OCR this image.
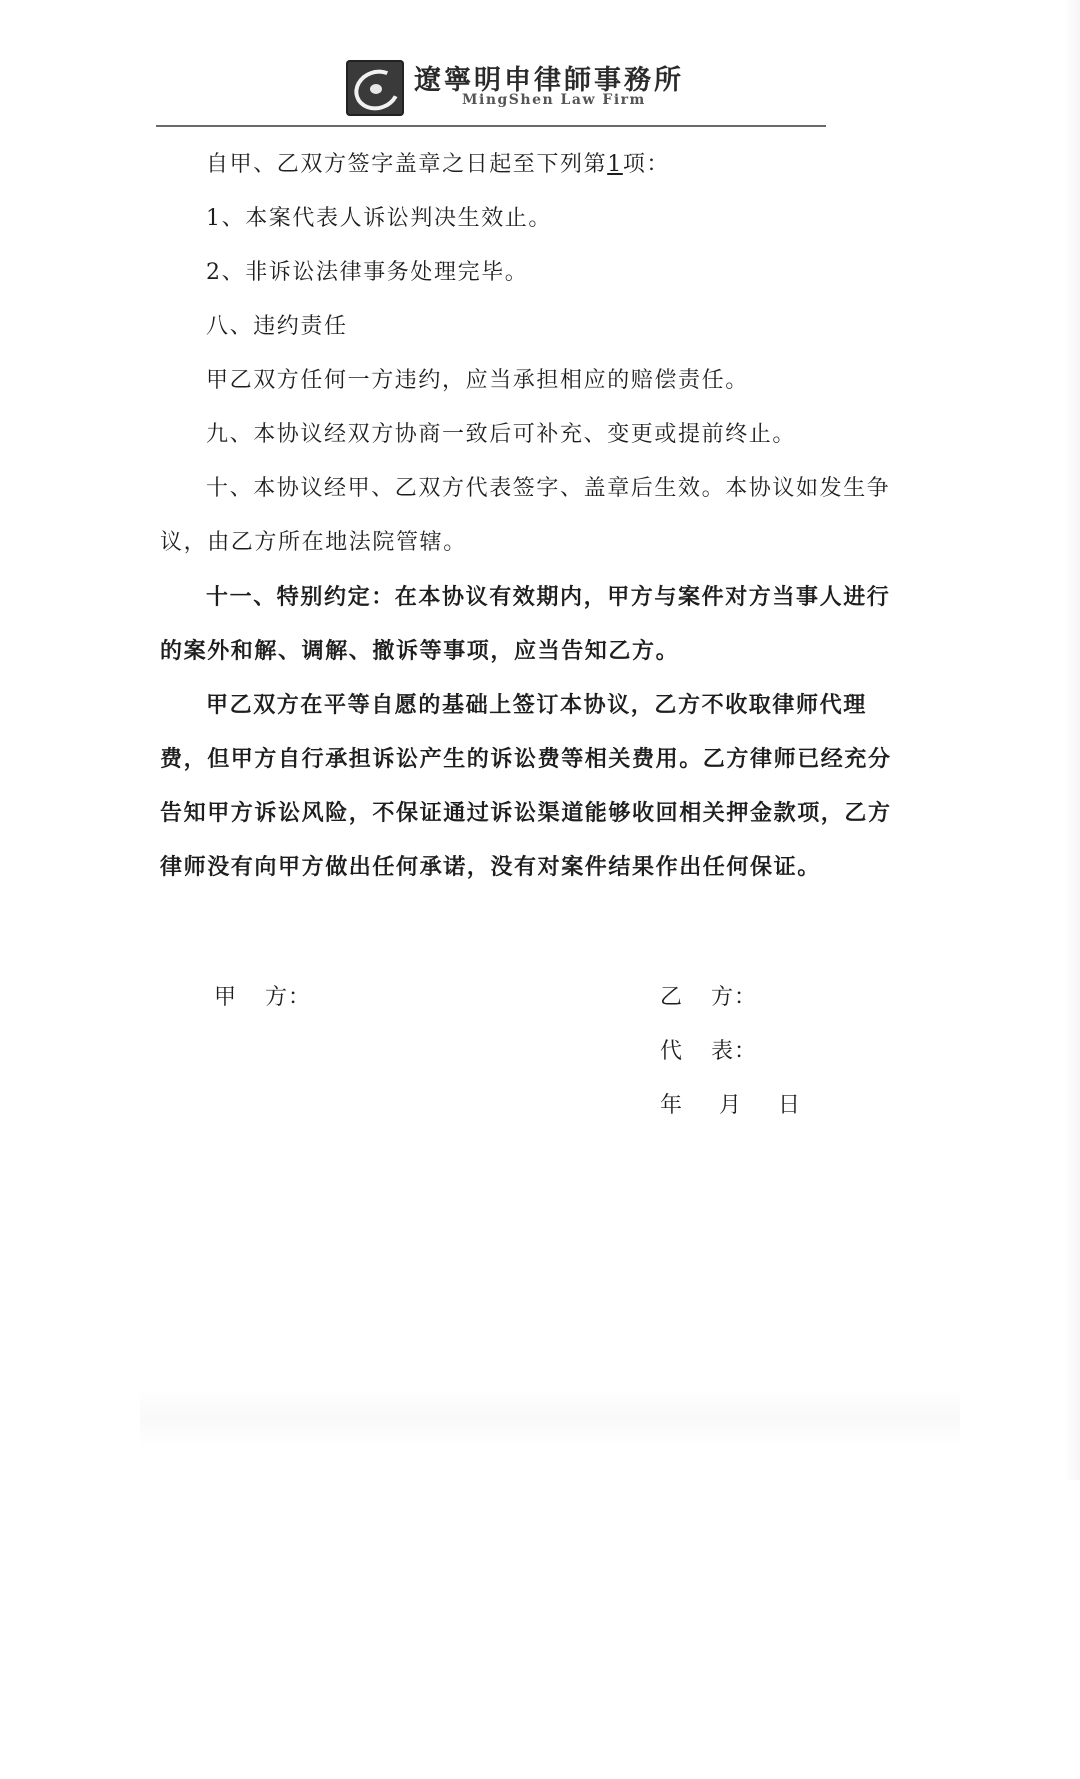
遼寧明申律師事務所
MingShen Law Firm

自甲、乙双方签字盖章之日起至下列第1项：

1、本案代表人诉讼判决生效止。

2、非诉讼法律事务处理完毕。

八、违约责任

甲乙双方任何一方违约，应当承担相应的赔偿责任。

九、本协议经双方协商一致后可补充、变更或提前终止。

十、本协议经甲、乙双方代表签字、盖章后生效。本协议如发生争议，由乙方所在地法院管辖。

十一、特别约定：在本协议有效期内，甲方与案件对方当事人进行的案外和解、调解、撤诉等事项，应当告知乙方。

甲乙双方在平等自愿的基础上签订本协议，乙方不收取律师代理费，但甲方自行承担诉讼产生的诉讼费等相关费用。乙方律师已经充分告知甲方诉讼风险，不保证通过诉讼渠道能够收回相关押金款项，乙方律师没有向甲方做出任何承诺，没有对案件结果作出任何保证。

甲 方：	乙 方：
代 表：
年 月 日
